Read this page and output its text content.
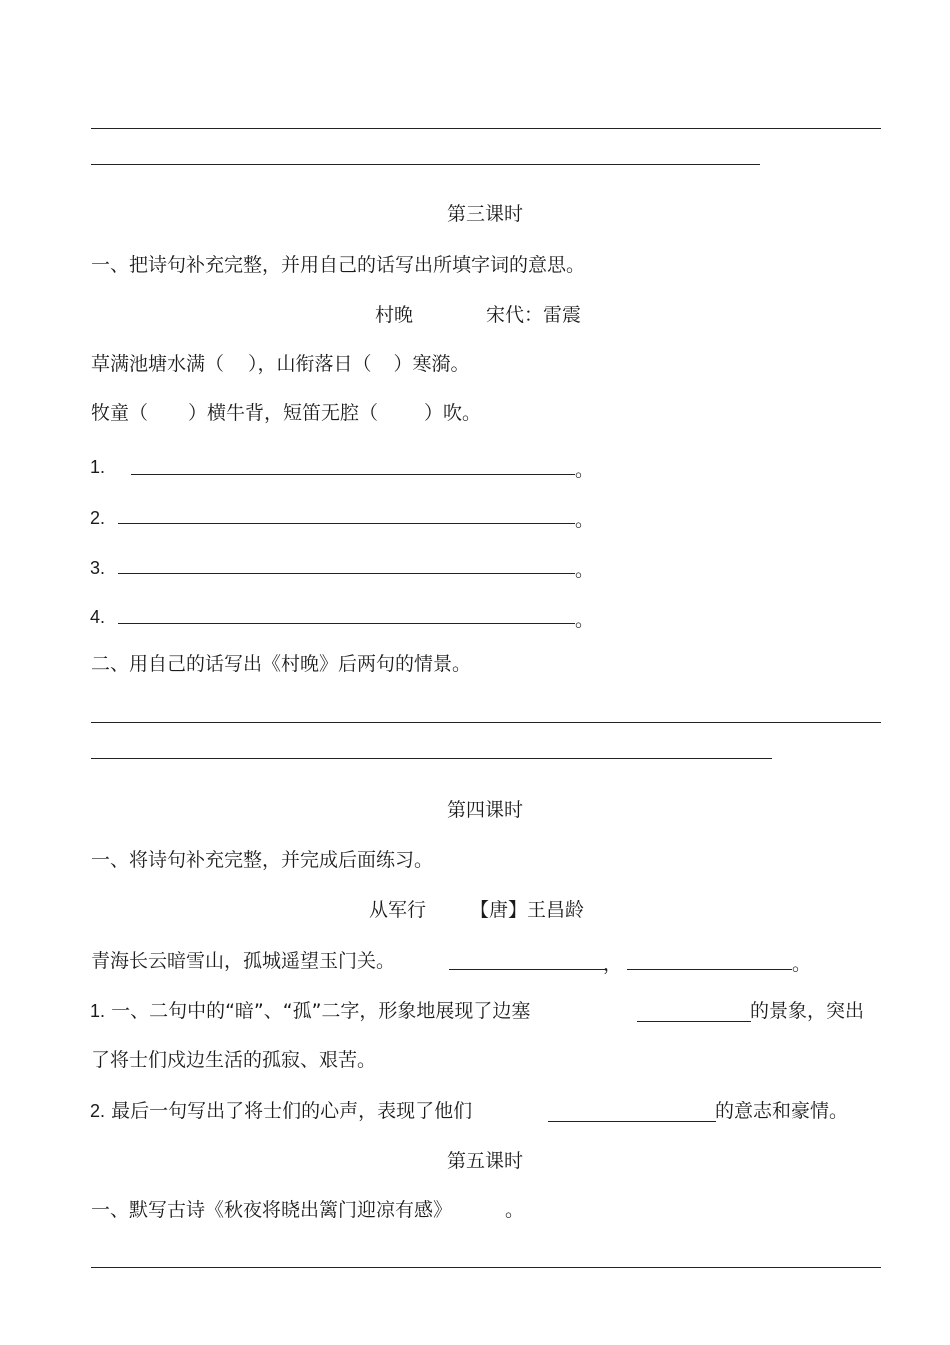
第三课时
一、把诗句补充完整，并用自己的话写出所填字词的意思。
村晚	宋代：雷震
草满池塘水满（ ），山衔落日（ ）寒漪。
牧童（ ）横牛背，短笛无腔（ ）吹。
1.	。
2.	。
3.	。
4.	。
二、用自己的话写出《村晚》后两句的情景。
第四课时
一、将诗句补充完整，并完成后面练习。
从军行 【唐】王昌龄
青海长云暗雪山，孤城遥望玉门关。	，	。
1. 一、二句中的“暗”、“孤”二字，形象地展现了边塞	的景象，突出
了将士们戍边生活的孤寂、艰苦。
2. 最后一句写出了将士们的心声，表现了他们	的意志和豪情。
第五课时
一、默写古诗《秋夜将晓出篱门迎凉有感》	。
